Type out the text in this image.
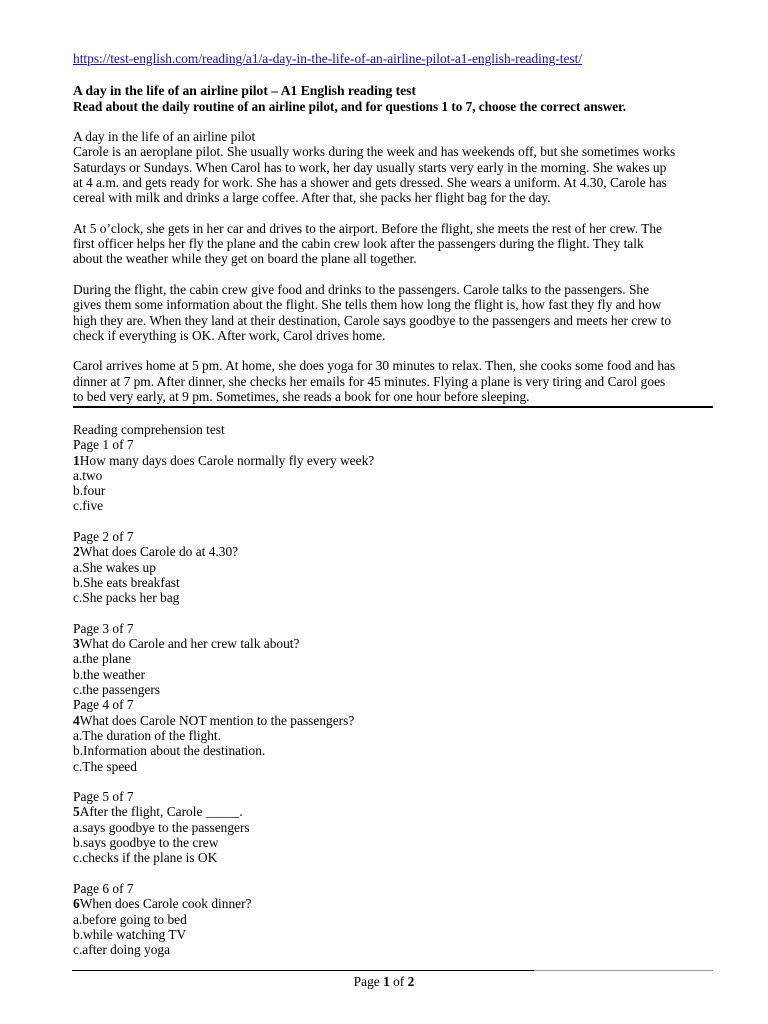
https://test-english.com/reading/a1/a-day-in-the-life-of-an-airline-pilot-a1-english-reading-test/
A day in the life of an airline pilot – A1 English reading test
Read about the daily routine of an airline pilot, and for questions 1 to 7, choose the correct answer.
A day in the life of an airline pilot
Carole is an aeroplane pilot. She usually works during the week and has weekends off, but she sometimes works
Saturdays or Sundays. When Carol has to work, her day usually starts very early in the morning. She wakes up
at 4 a.m. and gets ready for work. She has a shower and gets dressed. She wears a uniform. At 4.30, Carole has
cereal with milk and drinks a large coffee. After that, she packs her flight bag for the day.
At 5 o’clock, she gets in her car and drives to the airport. Before the flight, she meets the rest of her crew. The
first officer helps her fly the plane and the cabin crew look after the passengers during the flight. They talk
about the weather while they get on board the plane all together.
During the flight, the cabin crew give food and drinks to the passengers. Carole talks to the passengers. She
gives them some information about the flight. She tells them how long the flight is, how fast they fly and how
high they are. When they land at their destination, Carole says goodbye to the passengers and meets her crew to
check if everything is OK. After work, Carol drives home.
Carol arrives home at 5 pm. At home, she does yoga for 30 minutes to relax. Then, she cooks some food and has
dinner at 7 pm. After dinner, she checks her emails for 45 minutes. Flying a plane is very tiring and Carol goes
to bed very early, at 9 pm. Sometimes, she reads a book for one hour before sleeping.
Reading comprehension test
Page 1 of 7
1How many days does Carole normally fly every week?
a.two
b.four
c.five
Page 2 of 7
2What does Carole do at 4.30?
a.She wakes up
b.She eats breakfast
c.She packs her bag
Page 3 of 7
3What do Carole and her crew talk about?
a.the plane
b.the weather
c.the passengers
Page 4 of 7
4What does Carole NOT mention to the passengers?
a.The duration of the flight.
b.Information about the destination.
c.The speed
Page 5 of 7
5After the flight, Carole _____.
a.says goodbye to the passengers
b.says goodbye to the crew
c.checks if the plane is OK
Page 6 of 7
6When does Carole cook dinner?
a.before going to bed
b.while watching TV
c.after doing yoga
Page 1 of 2
